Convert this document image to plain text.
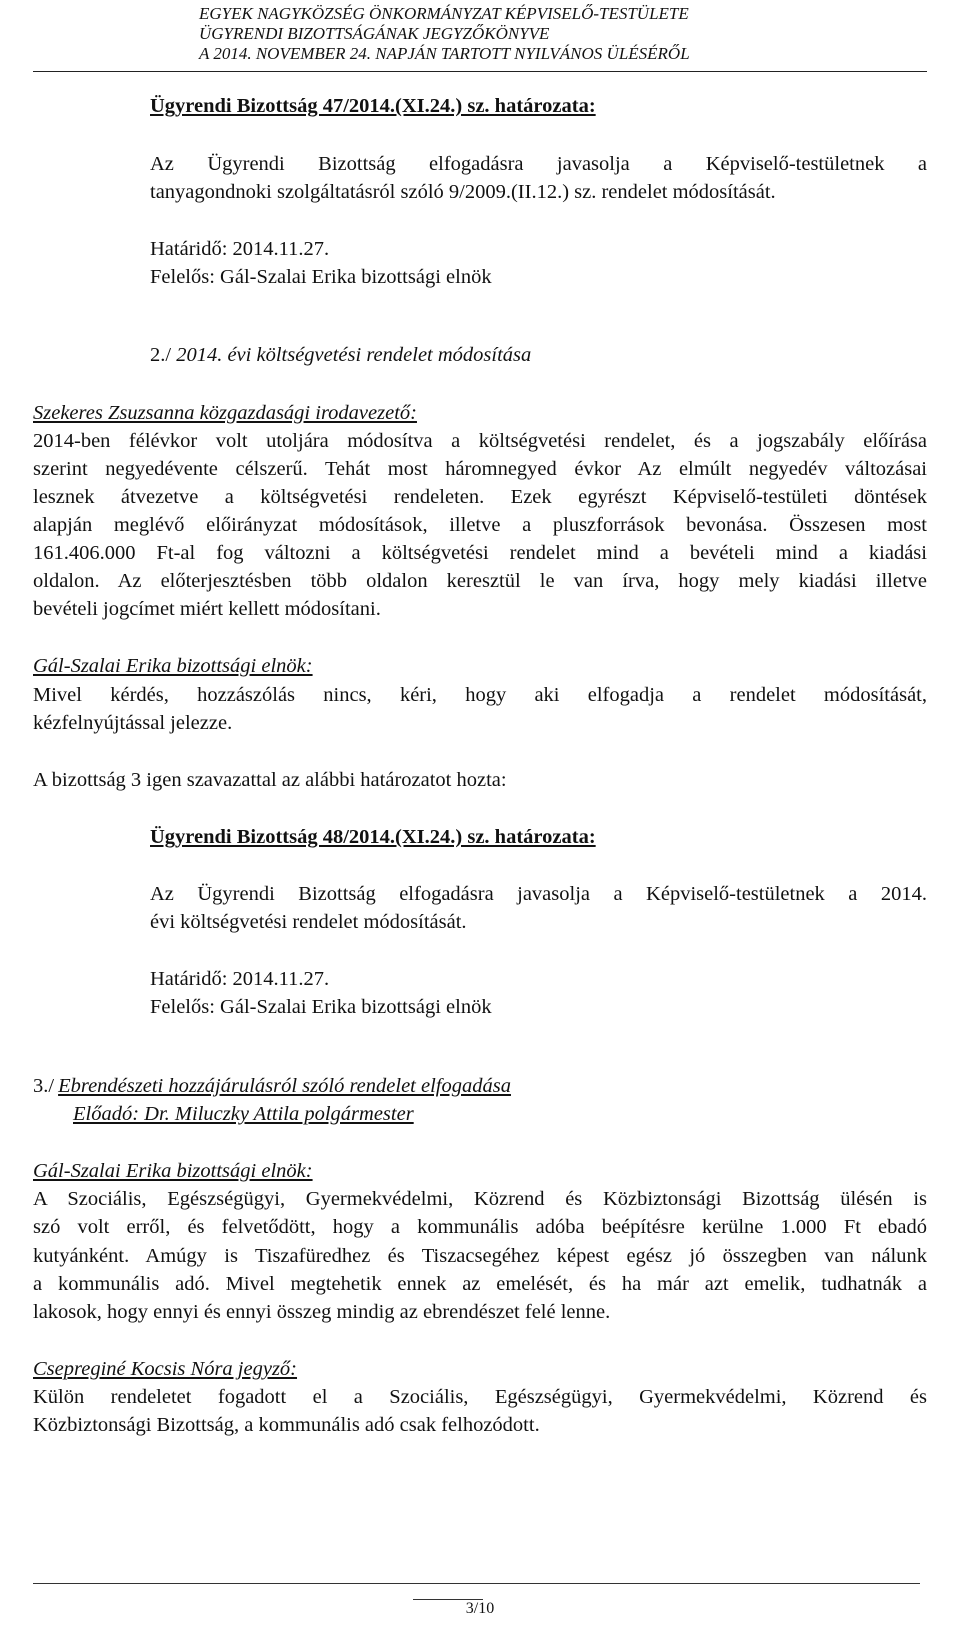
EGYEK NAGYKÖZSÉG ÖNKORMÁNYZAT KÉPVISELŐ-TESTÜLETE
ÜGYRENDI BIZOTTSÁGÁNAK JEGYZŐKÖNYVE
A 2014. NOVEMBER 24. NAPJÁN TARTOTT NYILVÁNOS ÜLÉSÉRŐL
Ügyrendi Bizottság 47/2014.(XI.24.) sz. határozata:
Az Ügyrendi Bizottság elfogadásra javasolja a Képviselő-testületnek a
tanyagondnoki szolgáltatásról szóló 9/2009.(II.12.) sz. rendelet módosítását.
Határidő: 2014.11.27.
Felelős: Gál-Szalai Erika bizottsági elnök
2./ 2014. évi költségvetési rendelet módosítása
Szekeres Zsuzsanna közgazdasági irodavezető:
2014-ben félévkor volt utoljára módosítva a költségvetési rendelet, és a jogszabály előírása
szerint negyedévente célszerű. Tehát most háromnegyed évkor Az elmúlt negyedév változásai
lesznek átvezetve a költségvetési rendeleten. Ezek egyrészt Képviselő-testületi döntések
alapján meglévő előirányzat módosítások, illetve a pluszforrások bevonása. Összesen most
161.406.000 Ft-al fog változni a költségvetési rendelet mind a bevételi mind a kiadási
oldalon. Az előterjesztésben több oldalon keresztül le van írva, hogy mely kiadási illetve
bevételi jogcímet miért kellett módosítani.
Gál-Szalai Erika bizottsági elnök:
Mivel kérdés, hozzászólás nincs, kéri, hogy aki elfogadja a rendelet módosítását,
kézfelnyújtással jelezze.
A bizottság 3 igen szavazattal az alábbi határozatot hozta:
Ügyrendi Bizottság 48/2014.(XI.24.) sz. határozata:
Az Ügyrendi Bizottság elfogadásra javasolja a Képviselő-testületnek a 2014.
évi költségvetési rendelet módosítását.
Határidő: 2014.11.27.
Felelős: Gál-Szalai Erika bizottsági elnök
3./ Ebrendészeti hozzájárulásról szóló rendelet elfogadása
Előadó: Dr. Miluczky Attila polgármester
Gál-Szalai Erika bizottsági elnök:
A Szociális, Egészségügyi, Gyermekvédelmi, Közrend és Közbiztonsági Bizottság ülésén is
szó volt erről, és felvetődött, hogy a kommunális adóba beépítésre kerülne 1.000 Ft ebadó
kutyánként. Amúgy is Tiszafüredhez és Tiszacsegéhez képest egész jó összegben van nálunk
a kommunális adó. Mivel megtehetik ennek az emelését, és ha már azt emelik, tudhatnák a
lakosok, hogy ennyi és ennyi összeg mindig az ebrendészet felé lenne.
Csepreginé Kocsis Nóra jegyző:
Külön rendeletet fogadott el a Szociális, Egészségügyi, Gyermekvédelmi, Közrend és
Közbiztonsági Bizottság, a kommunális adó csak felhozódott.
3/10
